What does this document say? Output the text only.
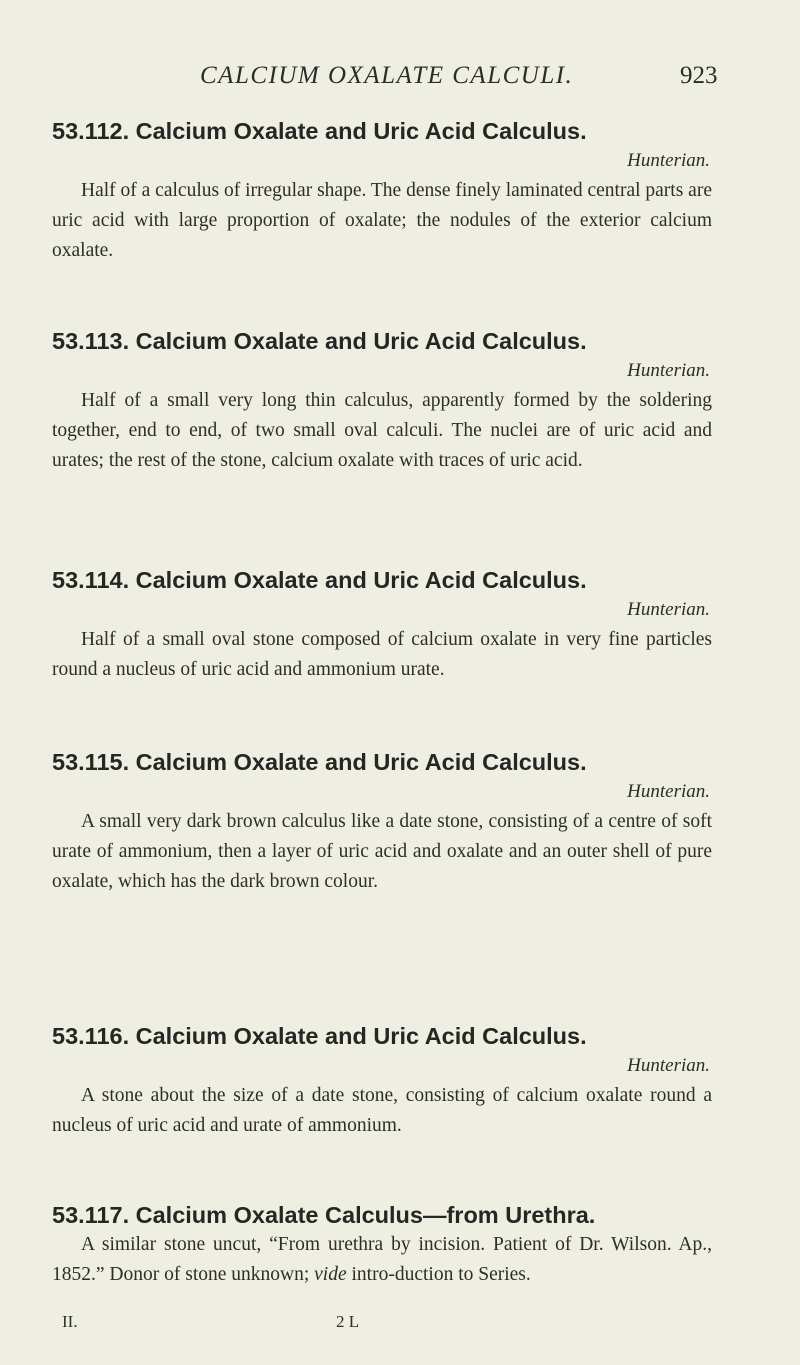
CALCIUM OXALATE CALCULI.	923
53.112. Calcium Oxalate and Uric Acid Calculus.
Hunterian.
Half of a calculus of irregular shape. The dense finely laminated central parts are uric acid with large proportion of oxalate; the nodules of the exterior calcium oxalate.
53.113. Calcium Oxalate and Uric Acid Calculus.
Hunterian.
Half of a small very long thin calculus, apparently formed by the soldering together, end to end, of two small oval calculi. The nuclei are of uric acid and urates; the rest of the stone, calcium oxalate with traces of uric acid.
53.114. Calcium Oxalate and Uric Acid Calculus.
Hunterian.
Half of a small oval stone composed of calcium oxalate in very fine particles round a nucleus of uric acid and ammonium urate.
53.115. Calcium Oxalate and Uric Acid Calculus.
Hunterian.
A small very dark brown calculus like a date stone, consisting of a centre of soft urate of ammonium, then a layer of uric acid and oxalate and an outer shell of pure oxalate, which has the dark brown colour.
53.116. Calcium Oxalate and Uric Acid Calculus.
Hunterian.
A stone about the size of a date stone, consisting of calcium oxalate round a nucleus of uric acid and urate of ammonium.
53.117. Calcium Oxalate Calculus—from Urethra.
A similar stone uncut, “From urethra by incision. Patient of Dr. Wilson. Ap., 1852.” Donor of stone unknown; vide intro-duction to Series.
II.	2 L
